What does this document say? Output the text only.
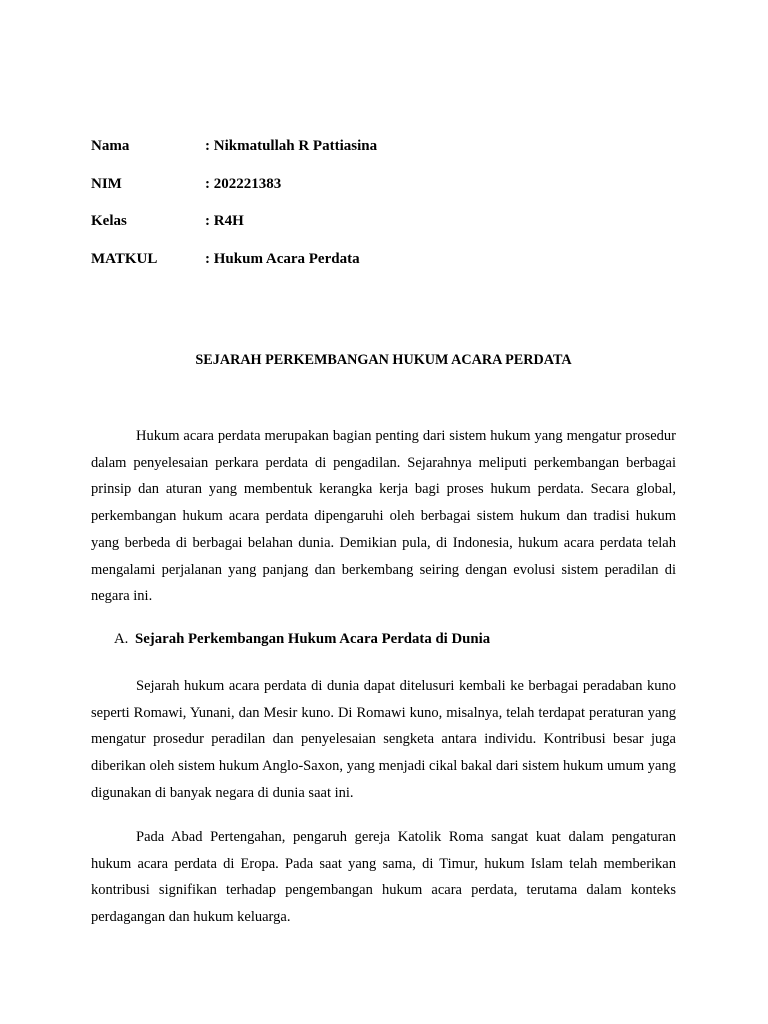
Nama	: Nikmatullah R Pattiasina
NIM	: 202221383
Kelas	: R4H
MATKUL	: Hukum Acara Perdata
SEJARAH PERKEMBANGAN HUKUM ACARA PERDATA

Hukum acara perdata merupakan bagian penting dari sistem hukum yang mengatur prosedur dalam penyelesaian perkara perdata di pengadilan. Sejarahnya meliputi perkembangan berbagai prinsip dan aturan yang membentuk kerangka kerja bagi proses hukum perdata. Secara global, perkembangan hukum acara perdata dipengaruhi oleh berbagai sistem hukum dan tradisi hukum yang berbeda di berbagai belahan dunia. Demikian pula, di Indonesia, hukum acara perdata telah mengalami perjalanan yang panjang dan berkembang seiring dengan evolusi sistem peradilan di negara ini.

A. Sejarah Perkembangan Hukum Acara Perdata di Dunia

Sejarah hukum acara perdata di dunia dapat ditelusuri kembali ke berbagai peradaban kuno seperti Romawi, Yunani, dan Mesir kuno. Di Romawi kuno, misalnya, telah terdapat peraturan yang mengatur prosedur peradilan dan penyelesaian sengketa antara individu. Kontribusi besar juga diberikan oleh sistem hukum Anglo-Saxon, yang menjadi cikal bakal dari sistem hukum umum yang digunakan di banyak negara di dunia saat ini.

Pada Abad Pertengahan, pengaruh gereja Katolik Roma sangat kuat dalam pengaturan hukum acara perdata di Eropa. Pada saat yang sama, di Timur, hukum Islam telah memberikan kontribusi signifikan terhadap pengembangan hukum acara perdata, terutama dalam konteks perdagangan dan hukum keluarga.
